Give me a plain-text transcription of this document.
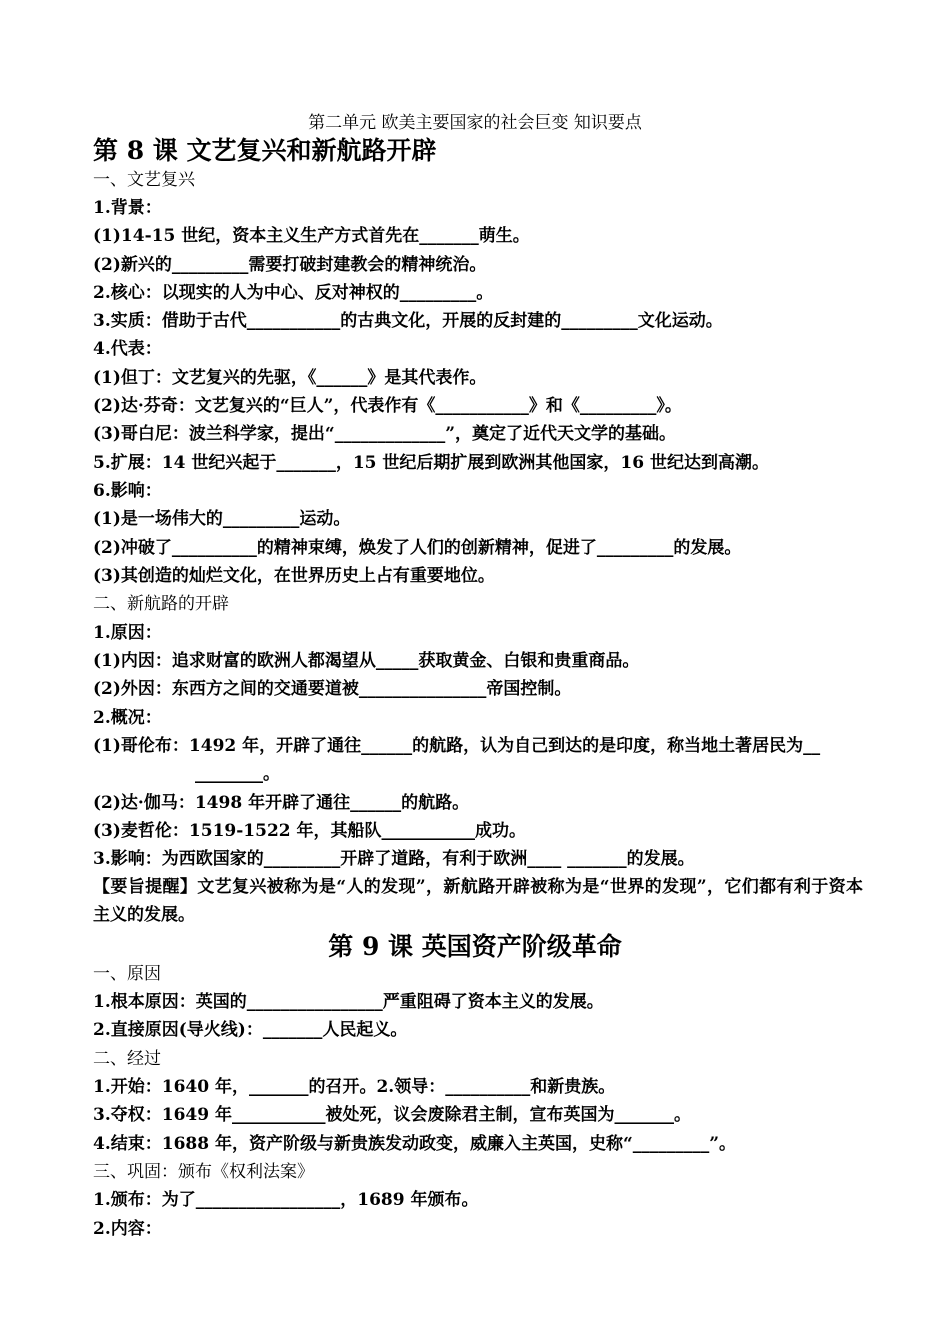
第二单元 欧美主要国家的社会巨变 知识要点
第 8 课 文艺复兴和新航路开辟
一、文艺复兴
1.背景：
(1)14-15 世纪，资本主义生产方式首先在_______萌生。
(2)新兴的_________需要打破封建教会的精神统治。
2.核心：以现实的人为中心、反对神权的_________。
3.实质：借助于古代___________的古典文化，开展的反封建的_________文化运动。
4.代表：
(1)但丁：文艺复兴的先驱，《______》是其代表作。
(2)达·芬奇：文艺复兴的“巨人”，代表作有《___________》和《_________》。
(3)哥白尼：波兰科学家，提出“_____________”，奠定了近代天文学的基础。
5.扩展：14 世纪兴起于_______，15 世纪后期扩展到欧洲其他国家，16 世纪达到高潮。
6.影响：
(1)是一场伟大的_________运动。
(2)冲破了__________的精神束缚，焕发了人们的创新精神，促进了_________的发展。
(3)其创造的灿烂文化，在世界历史上占有重要地位。
二、新航路的开辟
1.原因：
(1)内因：追求财富的欧洲人都渴望从_____获取黄金、白银和贵重商品。
(2)外因：东西方之间的交通要道被_______________帝国控制。
2.概况：
(1)哥伦布：1492 年，开辟了通往______的航路，认为自己到达的是印度，称当地土著居民为__
________。
(2)达·伽马：1498 年开辟了通往______的航路。
(3)麦哲伦：1519-1522 年，其船队___________成功。
3.影响：为西欧国家的_________开辟了道路，有利于欧洲____ _______的发展。
【要旨提醒】文艺复兴被称为是“人的发现”，新航路开辟被称为是“世界的发现”，它们都有利于资本主义的发展。
第 9 课 英国资产阶级革命
一、原因
1.根本原因：英国的________________严重阻碍了资本主义的发展。
2.直接原因(导火线)：_______人民起义。
二、经过
1.开始：1640 年，_______的召开。2.领导：__________和新贵族。
3.夺权：1649 年___________被处死，议会废除君主制，宣布英国为_______。
4.结束：1688 年，资产阶级与新贵族发动政变，威廉入主英国，史称“_________”。
三、巩固：颁布《权利法案》
1.颁布：为了_________________，1689 年颁布。
2.内容：
